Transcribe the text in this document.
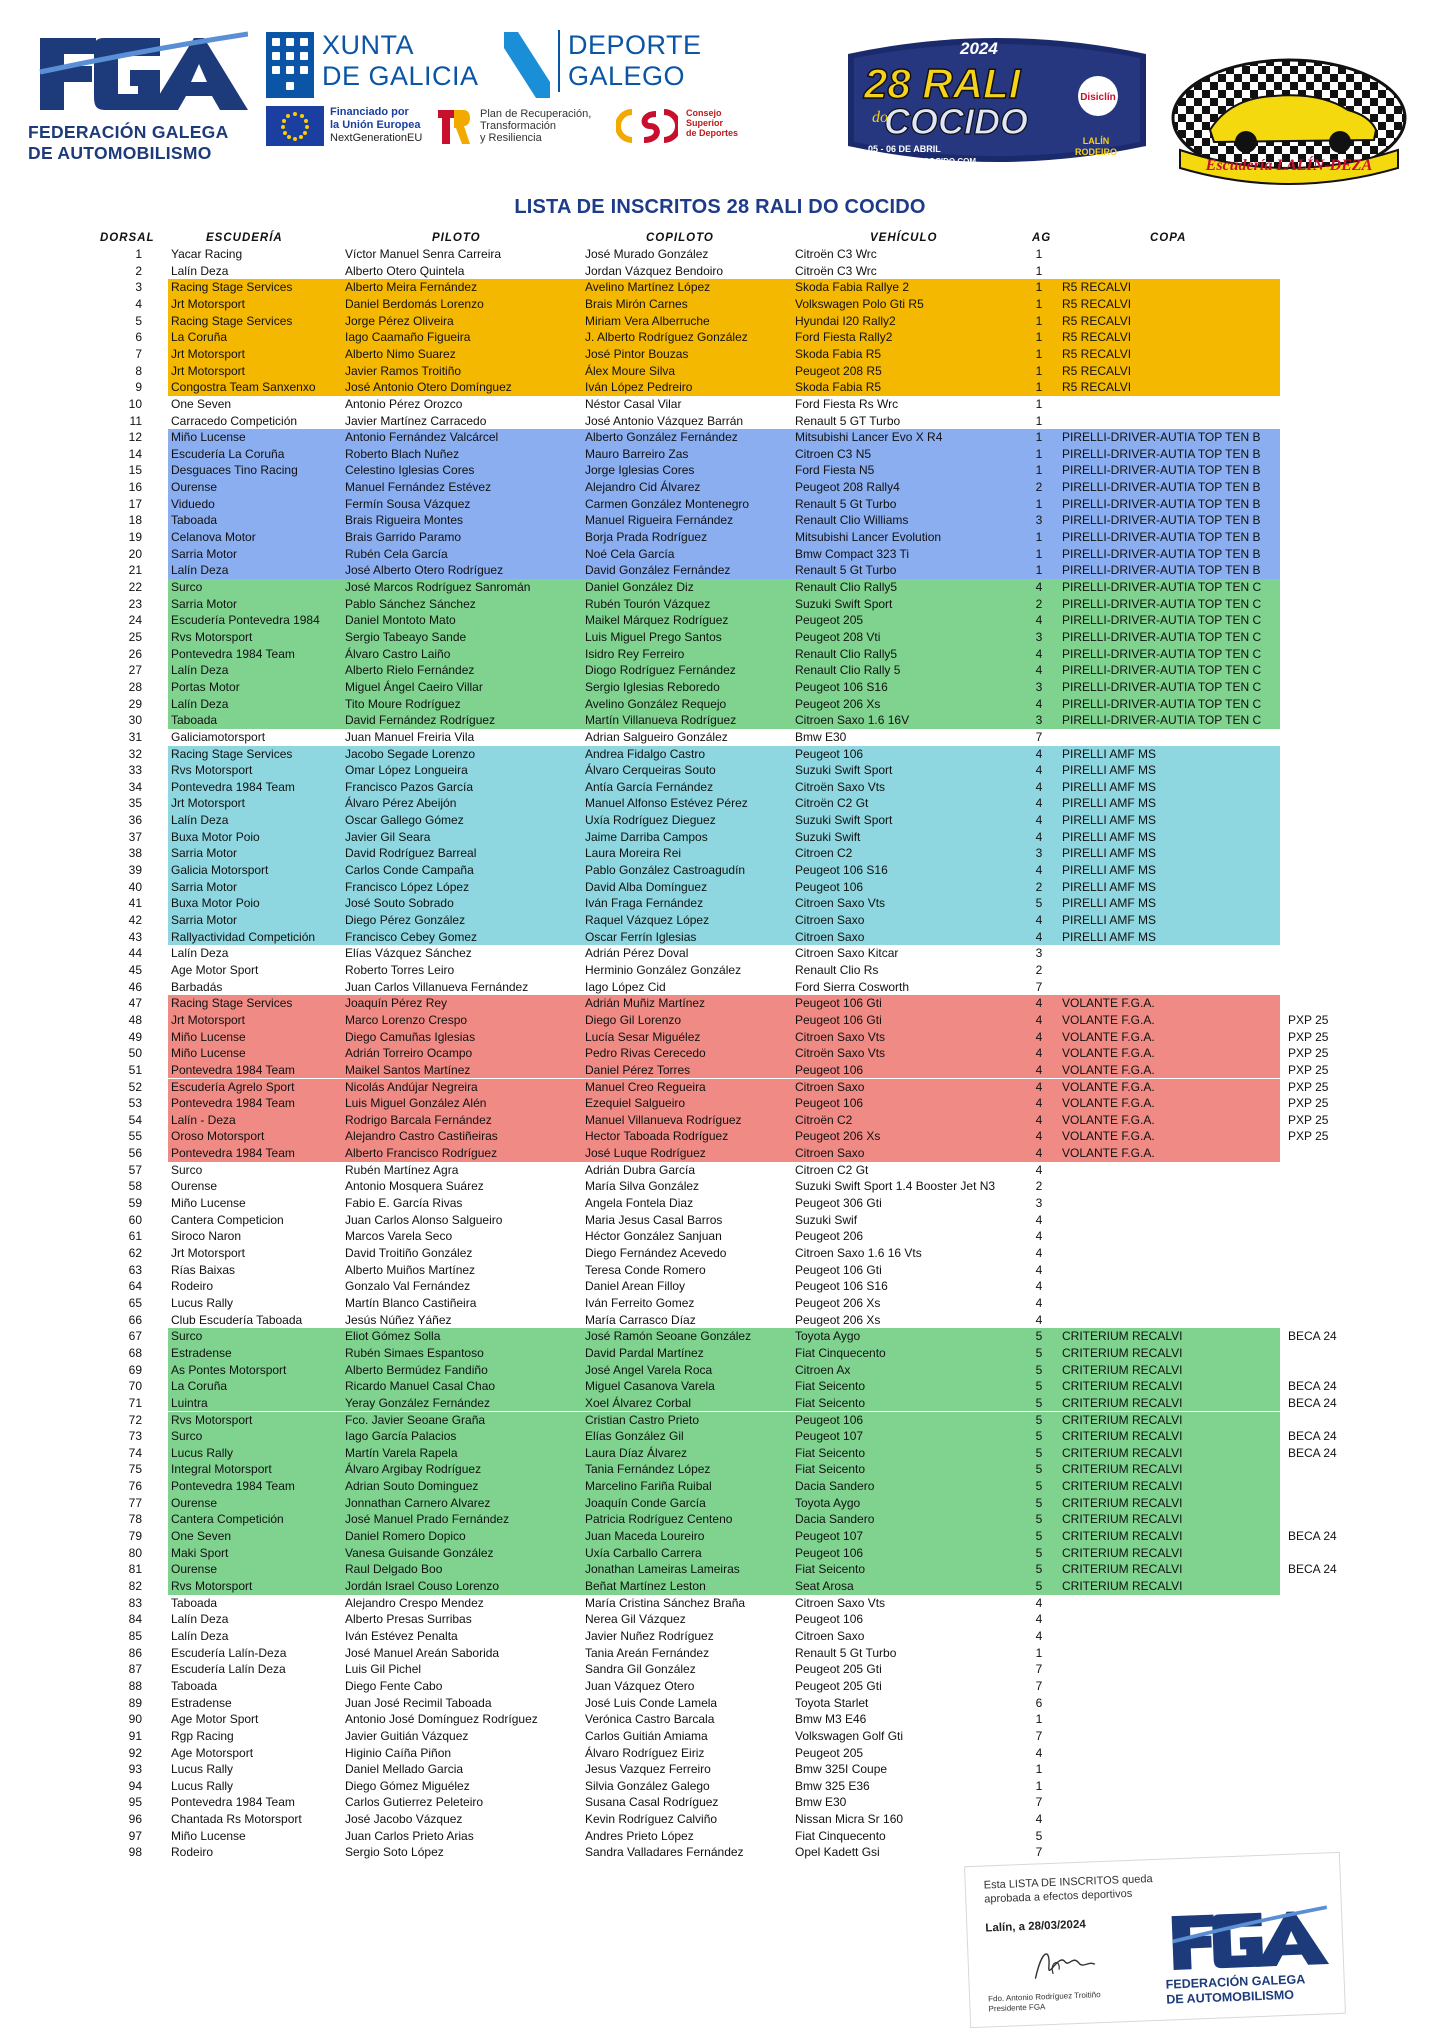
FEDERACIÓN GALEGA
DE AUTOMOBILISMO
XUNTA
DE GALICIA
DEPORTE
GALEGO
Financiado por
la Unión Europea
NextGenerationEU
Plan de Recuperación,
Transformación
y Resiliencia
Consejo
Superior
de Deportes
2024
28 RALI
COCIDO
do
Disiclín
05 - 06 DE ABRIL
WWW.RALIDOCOCIDO.COM
LALÍN
RODEIRO
Escudería LALÍN-DEZA
LISTA DE INSCRITOS 28 RALI DO COCIDO
DORSAL	ESCUDERÍA	PILOTO	COPILOTO	VEHÍCULO	AG	COPA
1 Yacar Racing	Víctor Manuel Senra Carreira	José Murado González	Citroën C3 Wrc	1
2 Lalín Deza	Alberto Otero Quintela	Jordan Vázquez Bendoiro	Citroën C3 Wrc	1
3 Racing Stage Services	Alberto Meira Fernández	Avelino Martínez López	Skoda Fabia Rallye 2	1	R5 RECALVI
4 Jrt Motorsport	Daniel Berdomás Lorenzo	Brais Mirón Carnes	Volkswagen Polo Gti R5	1	R5 RECALVI
5 Racing Stage Services	Jorge Pérez Oliveira	Miriam Vera Alberruche	Hyundai I20 Rally2	1	R5 RECALVI
6 La Coruña	Iago Caamaño Figueira	J. Alberto Rodríguez González	Ford Fiesta Rally2	1	R5 RECALVI
7 Jrt Motorsport	Alberto Nimo Suarez	José Pintor Bouzas	Skoda Fabia R5	1	R5 RECALVI
8 Jrt Motorsport	Javier Ramos Troitiño	Álex Moure Silva	Peugeot 208 R5	1	R5 RECALVI
9 Congostra Team Sanxenxo	José Antonio Otero Domínguez	Iván López Pedreiro	Skoda Fabia R5	1	R5 RECALVI
10 One Seven	Antonio Pérez Orozco	Néstor Casal Vilar	Ford Fiesta Rs Wrc	1
11 Carracedo Competición	Javier Martínez Carracedo	José Antonio Vázquez Barrán	Renault 5 GT Turbo	1
12 Miño Lucense	Antonio Fernández Valcárcel	Alberto González Fernández	Mitsubishi Lancer Evo X R4	1	PIRELLI-DRIVER-AUTIA TOP TEN B
14 Escudería La Coruña	Roberto Blach Nuñez	Mauro Barreiro Zas	Citroen C3 N5	1	PIRELLI-DRIVER-AUTIA TOP TEN B
15 Desguaces Tino Racing	Celestino Iglesias Cores	Jorge Iglesias Cores	Ford Fiesta N5	1	PIRELLI-DRIVER-AUTIA TOP TEN B
16 Ourense	Manuel Fernández Estévez	Alejandro Cid Álvarez	Peugeot 208 Rally4	2	PIRELLI-DRIVER-AUTIA TOP TEN B
17 Viduedo	Fermín Sousa Vázquez	Carmen González Montenegro	Renault 5 Gt Turbo	1	PIRELLI-DRIVER-AUTIA TOP TEN B
18 Taboada	Brais Rigueira Montes	Manuel Rigueira Fernández	Renault Clio Williams	3	PIRELLI-DRIVER-AUTIA TOP TEN B
19 Celanova Motor	Brais Garrido Paramo	Borja Prada Rodríguez	Mitsubishi Lancer Evolution	1	PIRELLI-DRIVER-AUTIA TOP TEN B
20 Sarria Motor	Rubén Cela García	Noé Cela García	Bmw Compact 323 Ti	1	PIRELLI-DRIVER-AUTIA TOP TEN B
21 Lalín Deza	José Alberto Otero Rodríguez	David González Fernández	Renault 5 Gt Turbo	1	PIRELLI-DRIVER-AUTIA TOP TEN B
22 Surco	José Marcos Rodríguez Sanromán	Daniel González Diz	Renault Clio Rally5	4	PIRELLI-DRIVER-AUTIA TOP TEN C
23 Sarria Motor	Pablo Sánchez Sánchez	Rubén Tourón Vázquez	Suzuki Swift Sport	2	PIRELLI-DRIVER-AUTIA TOP TEN C
24 Escudería Pontevedra 1984	Daniel Montoto Mato	Maikel Márquez Rodríguez	Peugeot 205	4	PIRELLI-DRIVER-AUTIA TOP TEN C
25 Rvs Motorsport	Sergio Tabeayo Sande	Luis Miguel Prego Santos	Peugeot 208 Vti	3	PIRELLI-DRIVER-AUTIA TOP TEN C
26 Pontevedra 1984 Team	Álvaro Castro Laiño	Isidro Rey Ferreiro	Renault Clio Rally5	4	PIRELLI-DRIVER-AUTIA TOP TEN C
27 Lalín Deza	Alberto Rielo Fernández	Diogo Rodríguez Fernández	Renault Clio Rally 5	4	PIRELLI-DRIVER-AUTIA TOP TEN C
28 Portas Motor	Miguel Ángel Caeiro Villar	Sergio Iglesias Reboredo	Peugeot 106 S16	3	PIRELLI-DRIVER-AUTIA TOP TEN C
29 Lalín Deza	Tito Moure Rodríguez	Avelino González Requejo	Peugeot 206 Xs	4	PIRELLI-DRIVER-AUTIA TOP TEN C
30 Taboada	David Fernández Rodríguez	Martín Villanueva Rodríguez	Citroen Saxo 1.6 16V	3	PIRELLI-DRIVER-AUTIA TOP TEN C
31 Galiciamotorsport	Juan Manuel Freiria Vila	Adrian Salgueiro González	Bmw E30	7
32 Racing Stage Services	Jacobo Segade Lorenzo	Andrea Fidalgo Castro	Peugeot 106	4	PIRELLI AMF MS
33 Rvs Motorsport	Omar López Longueira	Álvaro Cerqueiras Souto	Suzuki Swift Sport	4	PIRELLI AMF MS
34 Pontevedra 1984 Team	Francisco Pazos García	Antía García Fernández	Citroën Saxo Vts	4	PIRELLI AMF MS
35 Jrt Motorsport	Álvaro Pérez Abeijón	Manuel Alfonso Estévez Pérez	Citroën C2 Gt	4	PIRELLI AMF MS
36 Lalín Deza	Oscar Gallego Gómez	Uxía Rodríguez Dieguez	Suzuki Swift Sport	4	PIRELLI AMF MS
37 Buxa Motor Poio	Javier Gil Seara	Jaime Darriba Campos	Suzuki Swift	4	PIRELLI AMF MS
38 Sarria Motor	David Rodríguez Barreal	Laura Moreira Rei	Citroen C2	3	PIRELLI AMF MS
39 Galicia Motorsport	Carlos Conde Campaña	Pablo González Castroagudín	Peugeot 106 S16	4	PIRELLI AMF MS
40 Sarria Motor	Francisco López López	David Alba Domínguez	Peugeot 106	2	PIRELLI AMF MS
41 Buxa Motor Poio	José Souto Sobrado	Iván Fraga Fernández	Citroen Saxo Vts	5	PIRELLI AMF MS
42 Sarria Motor	Diego Pérez González	Raquel Vázquez López	Citroen Saxo	4	PIRELLI AMF MS
43 Rallyactividad Competición	Francisco Cebey Gomez	Oscar Ferrín Iglesias	Citroen Saxo	4	PIRELLI AMF MS
44 Lalín Deza	Elías Vázquez Sánchez	Adrián Pérez Doval	Citroen Saxo Kitcar	3
45 Age Motor Sport	Roberto Torres Leiro	Herminio González González	Renault Clio Rs	2
46 Barbadás	Juan Carlos Villanueva Fernández	Iago López Cid	Ford Sierra Cosworth	7
47 Racing Stage Services	Joaquín Pérez Rey	Adrián Muñiz Martínez	Peugeot 106 Gti	4	VOLANTE F.G.A.
48 Jrt Motorsport	Marco Lorenzo Crespo	Diego Gil Lorenzo	Peugeot 106 Gti	4	VOLANTE F.G.A.	PXP 25
49 Miño Lucense	Diego Camuñas Iglesias	Lucía Sesar Miguélez	Citroen Saxo Vts	4	VOLANTE F.G.A.	PXP 25
50 Miño Lucense	Adrián Torreiro Ocampo	Pedro Rivas Cerecedo	Citroën Saxo Vts	4	VOLANTE F.G.A.	PXP 25
51 Pontevedra 1984 Team	Maikel Santos Martínez	Daniel Pérez Torres	Peugeot 106	4	VOLANTE F.G.A.	PXP 25
52 Escudería Agrelo Sport	Nicolás Andújar Negreira	Manuel Creo Regueira	Citroen Saxo	4	VOLANTE F.G.A.	PXP 25
53 Pontevedra 1984 Team	Luis Miguel González Alén	Ezequiel Salgueiro	Peugeot 106	4	VOLANTE F.G.A.	PXP 25
54 Lalín - Deza	Rodrigo Barcala Fernández	Manuel Villanueva Rodríguez	Citroën C2	4	VOLANTE F.G.A.	PXP 25
55 Oroso Motorsport	Alejandro Castro Castiñeiras	Hector Taboada Rodríguez	Peugeot 206 Xs	4	VOLANTE F.G.A.	PXP 25
56 Pontevedra 1984 Team	Alberto Francisco Rodríguez	José Luque Rodríguez	Citroen Saxo	4	VOLANTE F.G.A.
57 Surco	Rubén Martínez Agra	Adrián Dubra García	Citroen C2 Gt	4
58 Ourense	Antonio Mosquera Suárez	María Silva González	Suzuki Swift Sport 1.4 Booster Jet N3	2
59 Miño Lucense	Fabio E. García Rivas	Angela Fontela Diaz	Peugeot 306 Gti	3
60 Cantera Competicion	Juan Carlos Alonso Salgueiro	Maria Jesus Casal Barros	Suzuki Swif	4
61 Siroco Naron	Marcos Varela Seco	Héctor González Sanjuan	Peugeot 206	4
62 Jrt Motorsport	David Troitiño González	Diego Fernández Acevedo	Citroen Saxo 1.6 16 Vts	4
63 Rías Baixas	Alberto Muiños Martínez	Teresa Conde Romero	Peugeot 106 Gti	4
64 Rodeiro	Gonzalo Val Fernández	Daniel Arean Filloy	Peugeot 106 S16	4
65 Lucus Rally	Martín Blanco Castiñeira	Iván Ferreito Gomez	Peugeot 206 Xs	4
66 Club Escudería Taboada	Jesús Núñez Yáñez	María Carrasco Díaz	Peugeot 206 Xs	4
67 Surco	Eliot Gómez Solla	José Ramón Seoane González	Toyota Aygo	5	CRITERIUM RECALVI	BECA 24
68 Estradense	Rubén Simaes Espantoso	David Pardal Martínez	Fiat Cinquecento	5	CRITERIUM RECALVI
69 As Pontes Motorsport	Alberto Bermúdez Fandiño	José Angel Varela Roca	Citroen Ax	5	CRITERIUM RECALVI
70 La Coruña	Ricardo Manuel Casal Chao	Miguel Casanova Varela	Fiat Seicento	5	CRITERIUM RECALVI	BECA 24
71 Luintra	Yeray González Fernández	Xoel Álvarez Corbal	Fiat Seicento	5	CRITERIUM RECALVI	BECA 24
72 Rvs Motorsport	Fco. Javier Seoane Graña	Cristian Castro Prieto	Peugeot 106	5	CRITERIUM RECALVI
73 Surco	Iago García Palacios	Elías González Gil	Peugeot 107	5	CRITERIUM RECALVI	BECA 24
74 Lucus Rally	Martín Varela Rapela	Laura Díaz Álvarez	Fiat Seicento	5	CRITERIUM RECALVI	BECA 24
75 Integral Motorsport	Álvaro Argibay Rodríguez	Tania Fernández López	Fiat Seicento	5	CRITERIUM RECALVI
76 Pontevedra 1984 Team	Adrian Souto Dominguez	Marcelino Fariña Ruibal	Dacia Sandero	5	CRITERIUM RECALVI
77 Ourense	Jonnathan Carnero Alvarez	Joaquín Conde García	Toyota Aygo	5	CRITERIUM RECALVI
78 Cantera Competición	José Manuel Prado Fernández	Patricia Rodríguez Centeno	Dacia Sandero	5	CRITERIUM RECALVI
79 One Seven	Daniel Romero Dopico	Juan Maceda Loureiro	Peugeot 107	5	CRITERIUM RECALVI	BECA 24
80 Maki Sport	Vanesa Guisande González	Uxía Carballo Carrera	Peugeot 106	5	CRITERIUM RECALVI
81 Ourense	Raul Delgado Boo	Jonathan Lameiras Lameiras	Fiat Seicento	5	CRITERIUM RECALVI	BECA 24
82 Rvs Motorsport	Jordán Israel Couso Lorenzo	Beñat Martínez Leston	Seat Arosa	5	CRITERIUM RECALVI
83 Taboada	Alejandro Crespo Mendez	María Cristina Sánchez Braña	Citroen Saxo Vts	4
84 Lalín Deza	Alberto Presas Surribas	Nerea Gil Vázquez	Peugeot 106	4
85 Lalín Deza	Iván Estévez Penalta	Javier Nuñez Rodríguez	Citroen Saxo	4
86 Escudería Lalín-Deza	José Manuel Areán Saborida	Tania Areán Fernández	Renault 5 Gt Turbo	1
87 Escudería Lalín Deza	Luis Gil Pichel	Sandra Gil González	Peugeot 205 Gti	7
88 Taboada	Diego Fente Cabo	Juan Vázquez Otero	Peugeot 205 Gti	7
89 Estradense	Juan José Recimil Taboada	José Luis Conde Lamela	Toyota Starlet	6
90 Age Motor Sport	Antonio José Domínguez Rodríguez	Verónica Castro Barcala	Bmw M3 E46	1
91 Rgp Racing	Javier Guitián Vázquez	Carlos Guitián Amiama	Volkswagen Golf Gti	7
92 Age Motorsport	Higinio Caíña Piñon	Álvaro Rodríguez Eiriz	Peugeot 205	4
93 Lucus Rally	Daniel Mellado Garcia	Jesus Vazquez Ferreiro	Bmw 325I Coupe	1
94 Lucus Rally	Diego Gómez Miguélez	Silvia González Galego	Bmw 325 E36	1
95 Pontevedra 1984 Team	Carlos Gutierrez Peleteiro	Susana Casal Rodríguez	Bmw E30	7
96 Chantada Rs Motorsport	José Jacobo Vázquez	Kevin Rodríguez Calviño	Nissan Micra Sr 160	4
97 Miño Lucense	Juan Carlos Prieto Arias	Andres Prieto López	Fiat Cinquecento	5
98 Rodeiro	Sergio Soto López	Sandra Valladares Fernández	Opel Kadett Gsi	7
Esta LISTA DE INSCRITOS queda aprobada a efectos deportivos
Lalín, a 28/03/2024
Fdo. Antonio Rodríguez Troitiño
Presidente FGA
FEDERACIÓN GALEGA
DE AUTOMOBILISMO
